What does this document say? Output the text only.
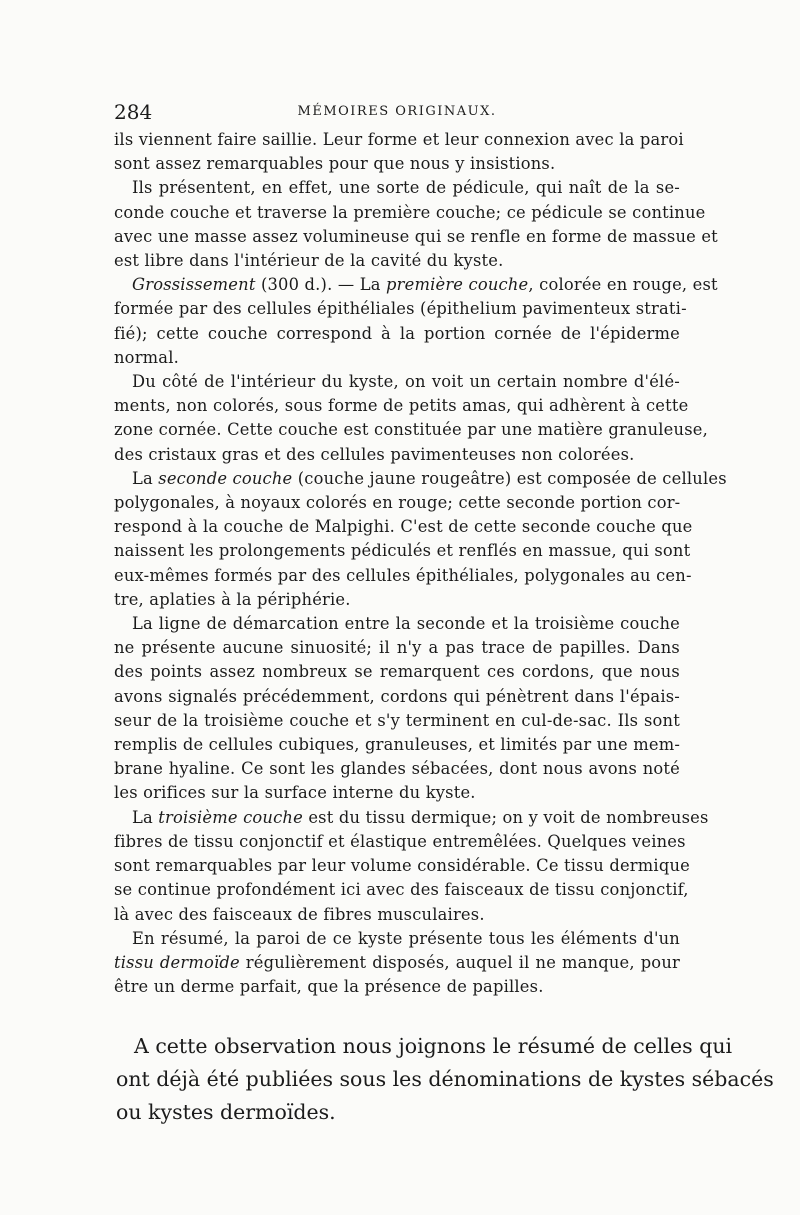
284	MÉMOIRES ORIGINAUX.
ils viennent faire saillie. Leur forme et leur connexion avec la paroi
sont assez remarquables pour que nous y insistions.
Ils présentent, en effet, une sorte de pédicule, qui naît de la se-
conde couche et traverse la première couche; ce pédicule se continue
avec une masse assez volumineuse qui se renfle en forme de massue et
est libre dans l'intérieur de la cavité du kyste.
Grossissement (300 d.). — La première couche, colorée en rouge, est
formée par des cellules épithéliales (épithelium pavimenteux strati-
fié); cette couche correspond à la portion cornée de l'épiderme
normal.
Du côté de l'intérieur du kyste, on voit un certain nombre d'élé-
ments, non colorés, sous forme de petits amas, qui adhèrent à cette
zone cornée. Cette couche est constituée par une matière granuleuse,
des cristaux gras et des cellules pavimenteuses non colorées.
La seconde couche (couche jaune rougeâtre) est composée de cellules
polygonales, à noyaux colorés en rouge; cette seconde portion cor-
respond à la couche de Malpighi. C'est de cette seconde couche que
naissent les prolongements pédiculés et renflés en massue, qui sont
eux-mêmes formés par des cellules épithéliales, polygonales au cen-
tre, aplaties à la périphérie.
La ligne de démarcation entre la seconde et la troisième couche
ne présente aucune sinuosité; il n'y a pas trace de papilles. Dans
des points assez nombreux se remarquent ces cordons, que nous
avons signalés précédemment, cordons qui pénètrent dans l'épais-
seur de la troisième couche et s'y terminent en cul-de-sac. Ils sont
remplis de cellules cubiques, granuleuses, et limités par une mem-
brane hyaline. Ce sont les glandes sébacées, dont nous avons noté
les orifices sur la surface interne du kyste.
La troisième couche est du tissu dermique; on y voit de nombreuses
fibres de tissu conjonctif et élastique entremêlées. Quelques veines
sont remarquables par leur volume considérable. Ce tissu dermique
se continue profondément ici avec des faisceaux de tissu conjonctif,
là avec des faisceaux de fibres musculaires.
En résumé, la paroi de ce kyste présente tous les éléments d'un
tissu dermoïde régulièrement disposés, auquel il ne manque, pour
être un derme parfait, que la présence de papilles.
A cette observation nous joignons le résumé de celles qui
ont déjà été publiées sous les dénominations de kystes sébacés
ou kystes dermoïdes.
